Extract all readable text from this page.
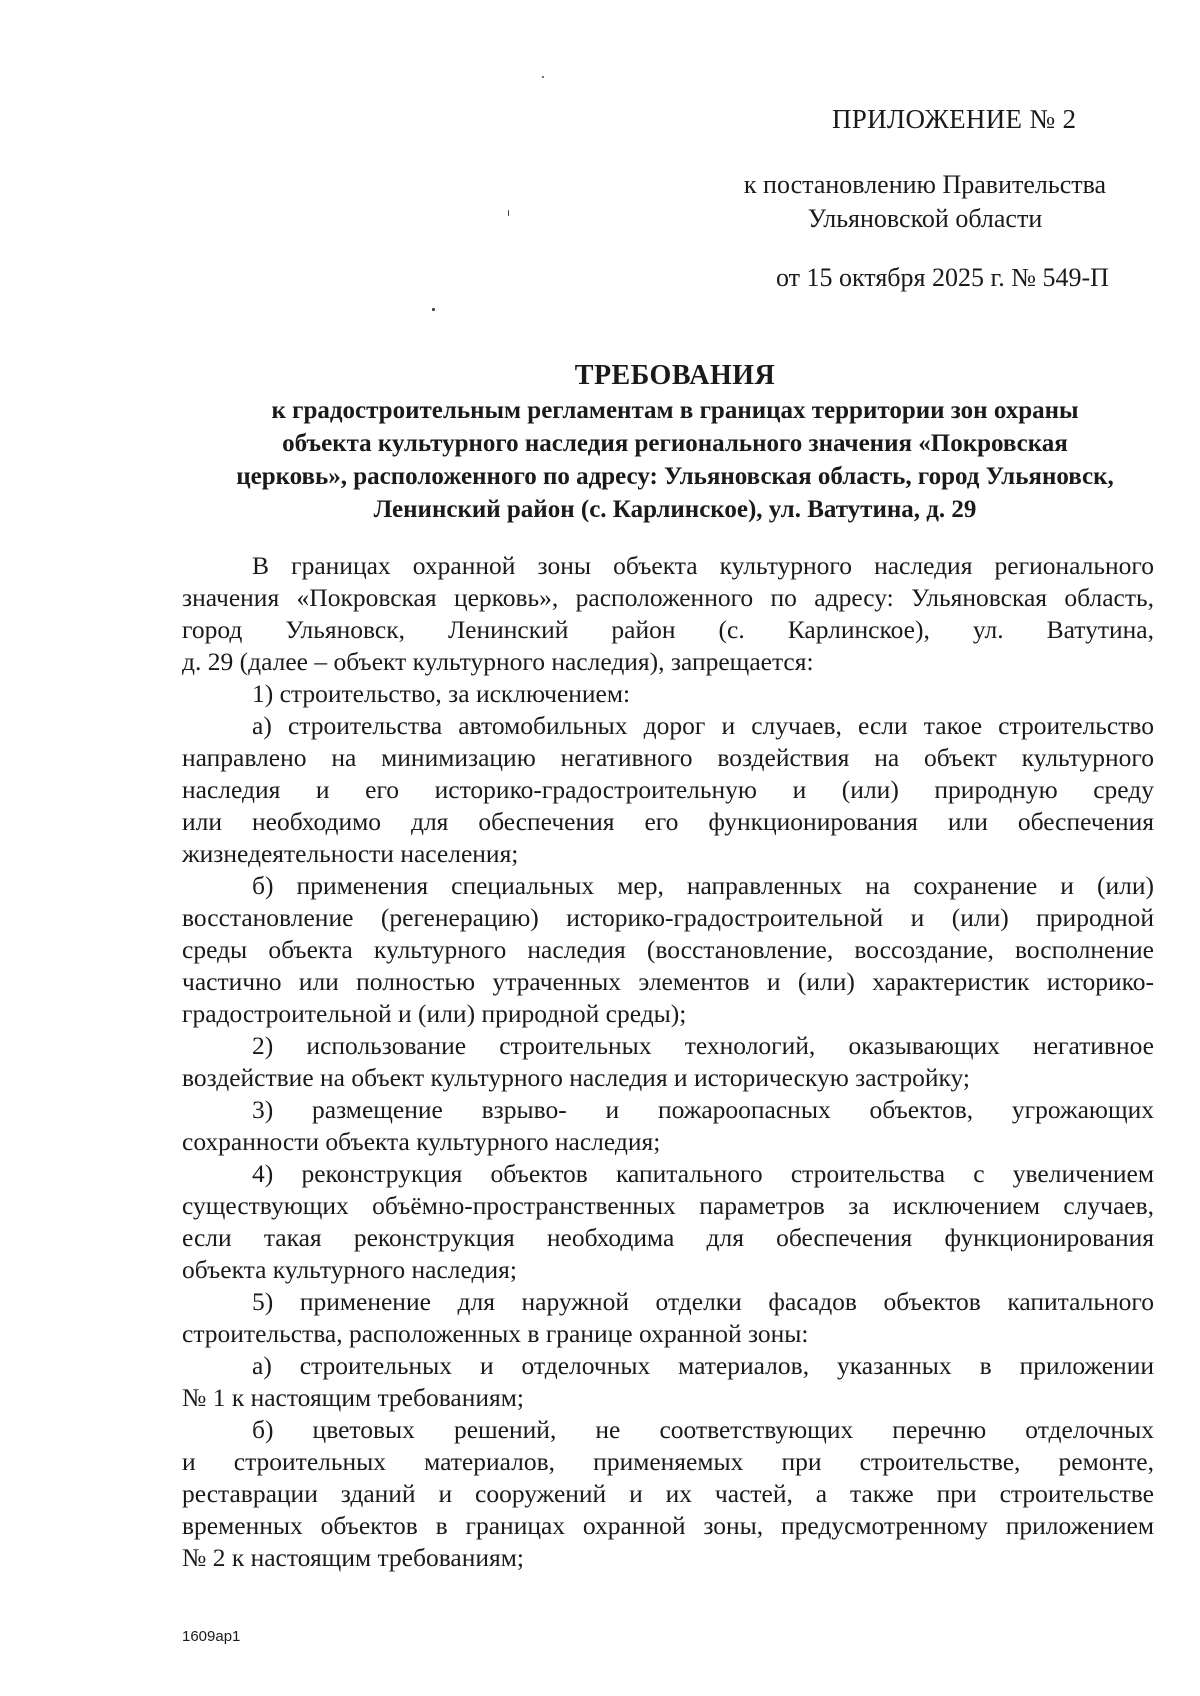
ПРИЛОЖЕНИЕ № 2
к постановлению Правительства
Ульяновской области
от 15 октября 2025 г. № 549-П
ТРЕБОВАНИЯ
к градостроительным регламентам в границах территории зон охраны
объекта культурного наследия регионального значения «Покровская
церковь», расположенного по адресу: Ульяновская область, город Ульяновск,
Ленинский район (с. Карлинское), ул. Ватутина, д. 29
В границах охранной зоны объекта культурного наследия регионального
значения «Покровская церковь», расположенного по адресу: Ульяновская область,
город Ульяновск, Ленинский район (с. Карлинское), ул. Ватутина,
д. 29 (далее – объект культурного наследия), запрещается:
1) строительство, за исключением:
а) строительства автомобильных дорог и случаев, если такое строительство
направлено на минимизацию негативного воздействия на объект культурного
наследия и его историко-градостроительную и (или) природную среду
или необходимо для обеспечения его функционирования или обеспечения
жизнедеятельности населения;
б) применения специальных мер, направленных на сохранение и (или)
восстановление (регенерацию) историко-градостроительной и (или) природной
среды объекта культурного наследия (восстановление, воссоздание, восполнение
частично или полностью утраченных элементов и (или) характеристик историко-
градостроительной и (или) природной среды);
2) использование строительных технологий, оказывающих негативное
воздействие на объект культурного наследия и историческую застройку;
3) размещение взрыво- и пожароопасных объектов, угрожающих
сохранности объекта культурного наследия;
4) реконструкция объектов капитального строительства с увеличением
существующих объёмно-пространственных параметров за исключением случаев,
если такая реконструкция необходима для обеспечения функционирования
объекта культурного наследия;
5) применение для наружной отделки фасадов объектов капитального
строительства, расположенных в границе охранной зоны:
а) строительных и отделочных материалов, указанных в приложении
№ 1 к настоящим требованиям;
б) цветовых решений, не соответствующих перечню отделочных
и строительных материалов, применяемых при строительстве, ремонте,
реставрации зданий и сооружений и их частей, а также при строительстве
временных объектов в границах охранной зоны, предусмотренному приложением
№ 2 к настоящим требованиям;
1609ap1
